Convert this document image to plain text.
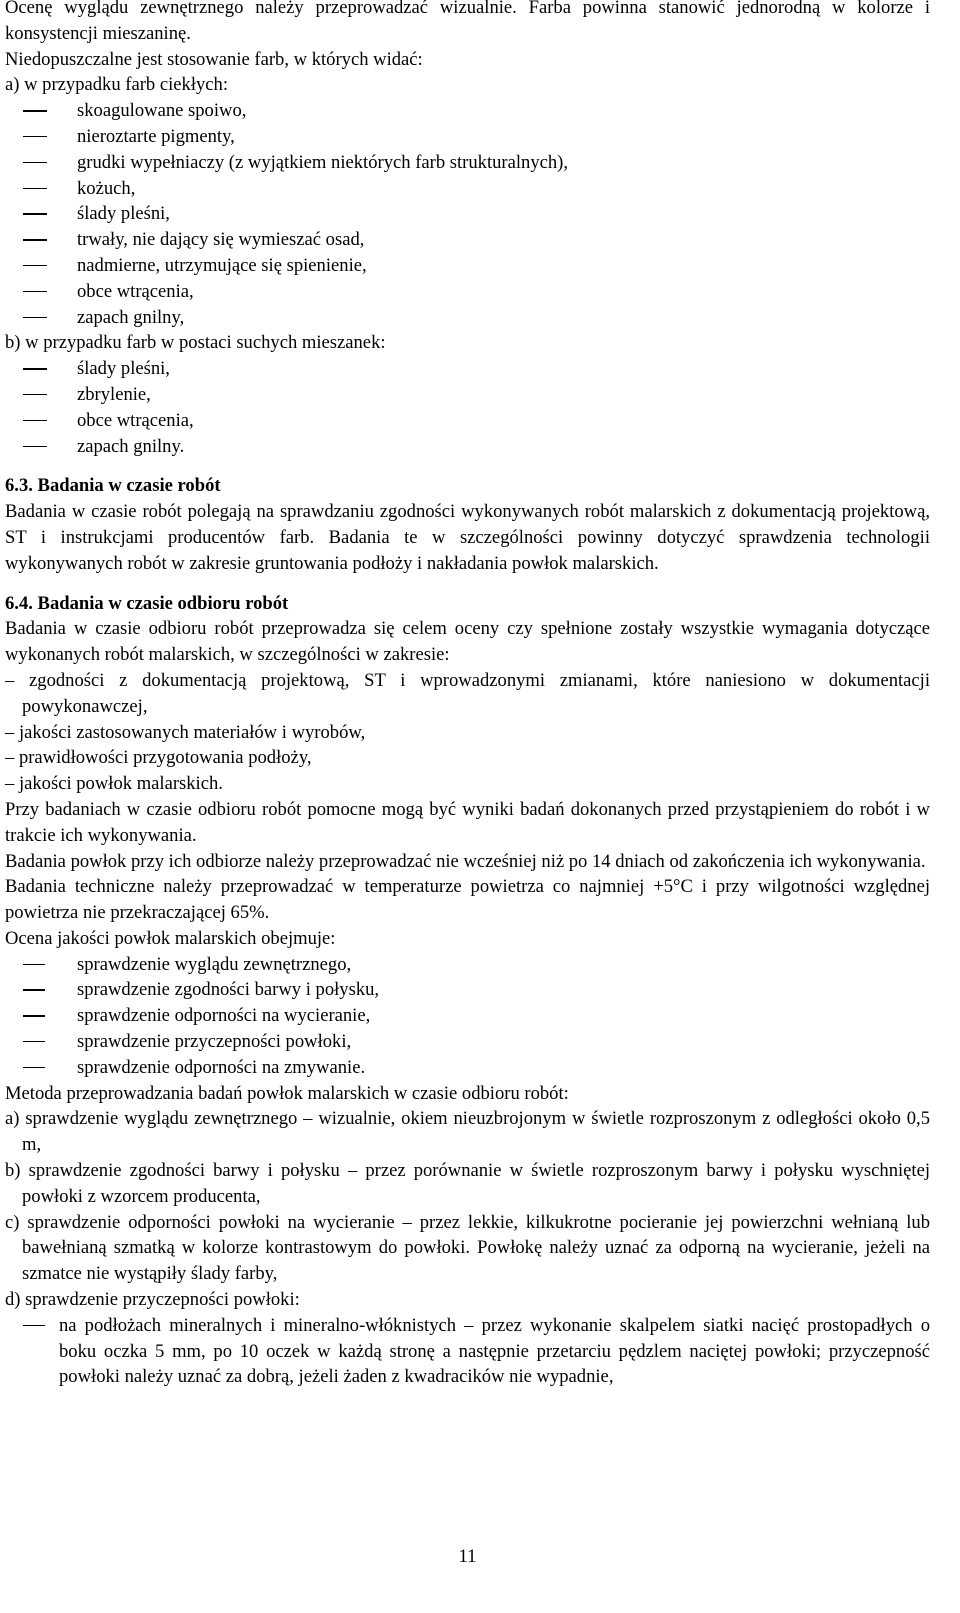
Ocenę wyglądu zewnętrznego należy przeprowadzać wizualnie. Farba powinna stanowić jednorodną w kolorze i konsystencji mieszaninę.

Niedopuszczalne jest stosowanie farb, w których widać:

a) w przypadku farb ciekłych:

skoagulowane spoiwo,
nieroztarte pigmenty,
grudki wypełniaczy (z wyjątkiem niektórych farb strukturalnych),
kożuch,
ślady pleśni,
trwały, nie dający się wymieszać osad,
nadmierne, utrzymujące się spienienie,
obce wtrącenia,
zapach gnilny,

b) w przypadku farb w postaci suchych mieszanek:

ślady pleśni,
zbrylenie,
obce wtrącenia,
zapach gnilny.

6.3. Badania w czasie robót

Badania w czasie robót polegają na sprawdzaniu zgodności wykonywanych robót malarskich z dokumentacją projektową, ST i instrukcjami producentów farb. Badania te w szczególności powinny dotyczyć sprawdzenia technologii wykonywanych robót w zakresie gruntowania podłoży i nakładania powłok malarskich.

6.4. Badania w czasie odbioru robót

Badania w czasie odbioru robót przeprowadza się celem oceny czy spełnione zostały wszystkie wymagania dotyczące wykonanych robót malarskich, w szczególności w zakresie:

– zgodności z dokumentacją projektową, ST i wprowadzonymi zmianami, które naniesiono w dokumentacji powykonawczej,

– jakości zastosowanych materiałów i wyrobów,

– prawidłowości przygotowania podłoży,

– jakości powłok malarskich.

Przy badaniach w czasie odbioru robót pomocne mogą być wyniki badań dokonanych przed przystąpieniem do robót i w trakcie ich wykonywania.

Badania powłok przy ich odbiorze należy przeprowadzać nie wcześniej niż po 14 dniach od zakończenia ich wykonywania.

Badania techniczne należy przeprowadzać w temperaturze powietrza co najmniej +5°C i przy wilgotności względnej powietrza nie przekraczającej 65%.

Ocena jakości powłok malarskich obejmuje:

sprawdzenie wyglądu zewnętrznego,
sprawdzenie zgodności barwy i połysku,
sprawdzenie odporności na wycieranie,
sprawdzenie przyczepności powłoki,
sprawdzenie odporności na zmywanie.

Metoda przeprowadzania badań powłok malarskich w czasie odbioru robót:

a) sprawdzenie wyglądu zewnętrznego – wizualnie, okiem nieuzbrojonym w świetle rozproszonym z odległości około 0,5 m,

b) sprawdzenie zgodności barwy i połysku – przez porównanie w świetle rozproszonym barwy i połysku wyschniętej powłoki z wzorcem producenta,

c) sprawdzenie odporności powłoki na wycieranie – przez lekkie, kilkukrotne pocieranie jej powierzchni wełnianą lub bawełnianą szmatką w kolorze kontrastowym do powłoki. Powłokę należy uznać za odporną na wycieranie, jeżeli na szmatce nie wystąpiły ślady farby,

d) sprawdzenie przyczepności powłoki:

na podłożach mineralnych i mineralno-włóknistych – przez wykonanie skalpelem siatki nacięć prostopadłych o boku oczka 5 mm, po 10 oczek w każdą stronę a następnie przetarciu pędzlem naciętej powłoki; przyczepność powłoki należy uznać za dobrą, jeżeli żaden z kwadracików nie wypadnie,
11
